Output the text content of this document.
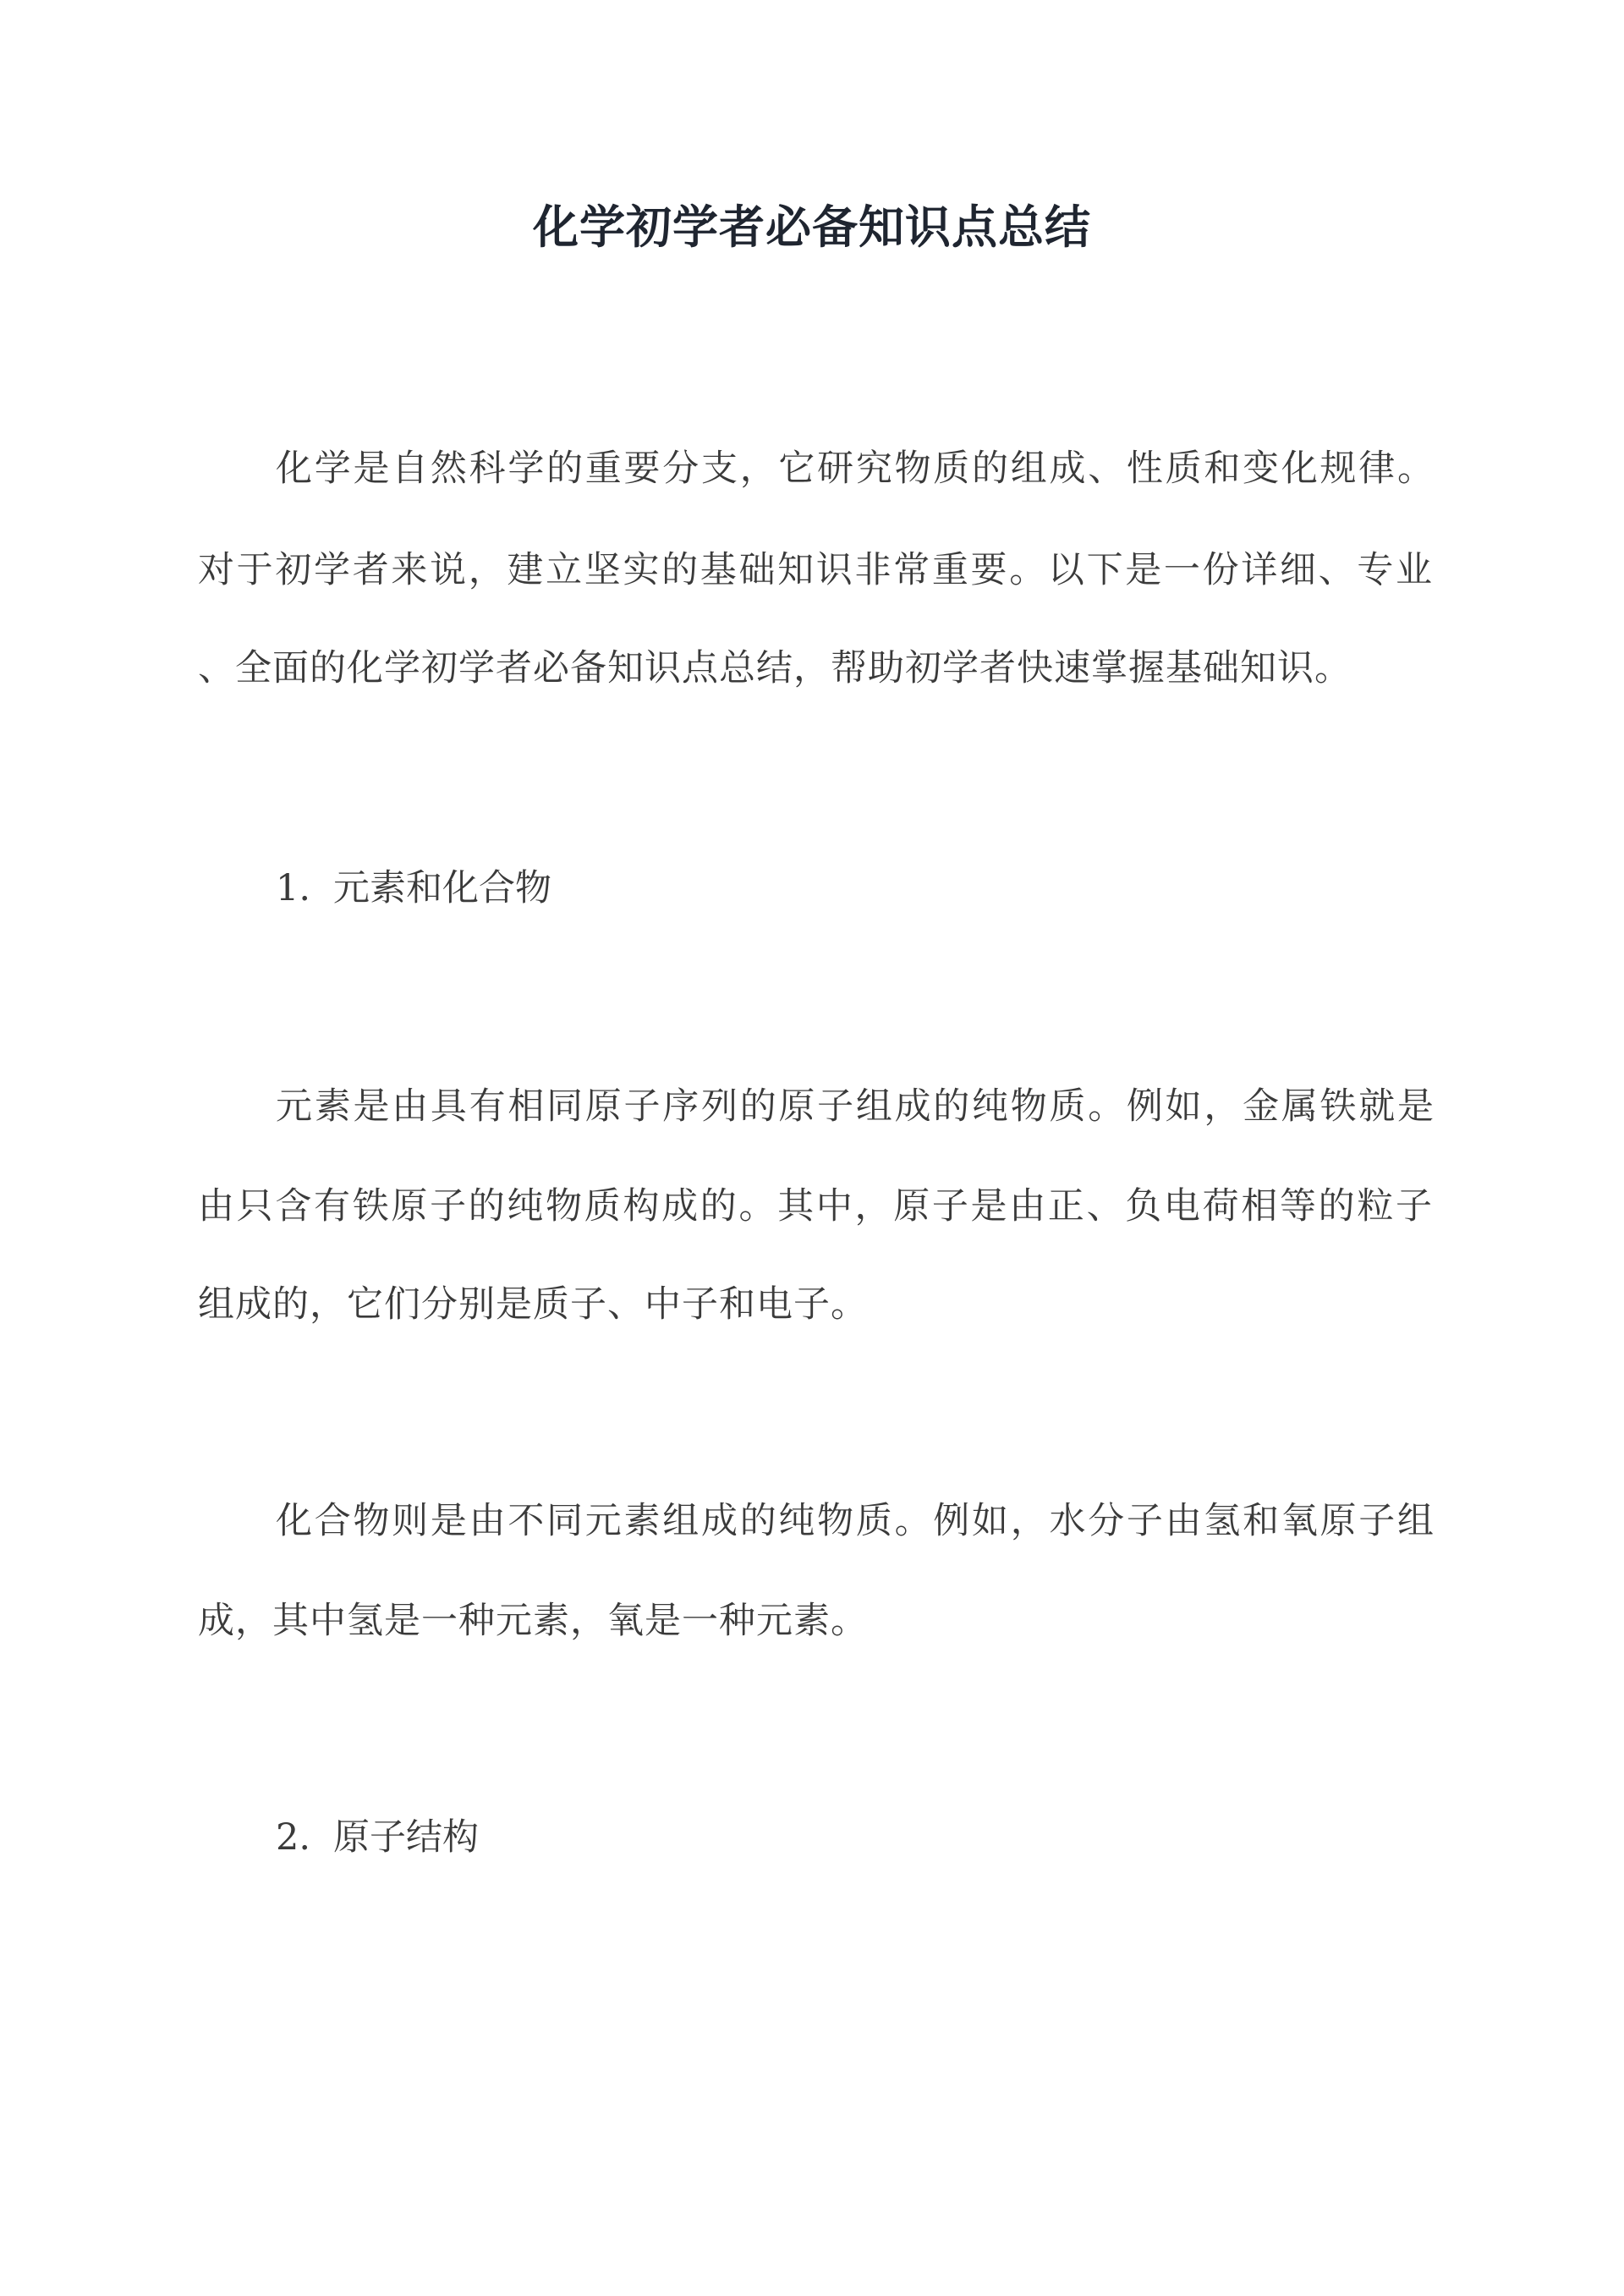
化学初学者必备知识点总结
化学是自然科学的重要分支，它研究物质的组成、性质和变化规律。
对于初学者来说，建立坚实的基础知识非常重要。以下是一份详细、专业
、全面的化学初学者必备知识点总结，帮助初学者快速掌握基础知识。
1. 元素和化合物
元素是由具有相同原子序列的原子组成的纯物质。例如，金属铁就是
由只含有铁原子的纯物质构成的。其中，原子是由正、负电荷相等的粒子
组成的，它们分别是质子、中子和电子。
化合物则是由不同元素组成的纯物质。例如，水分子由氢和氧原子组
成，其中氢是一种元素，氧是一种元素。
2. 原子结构
